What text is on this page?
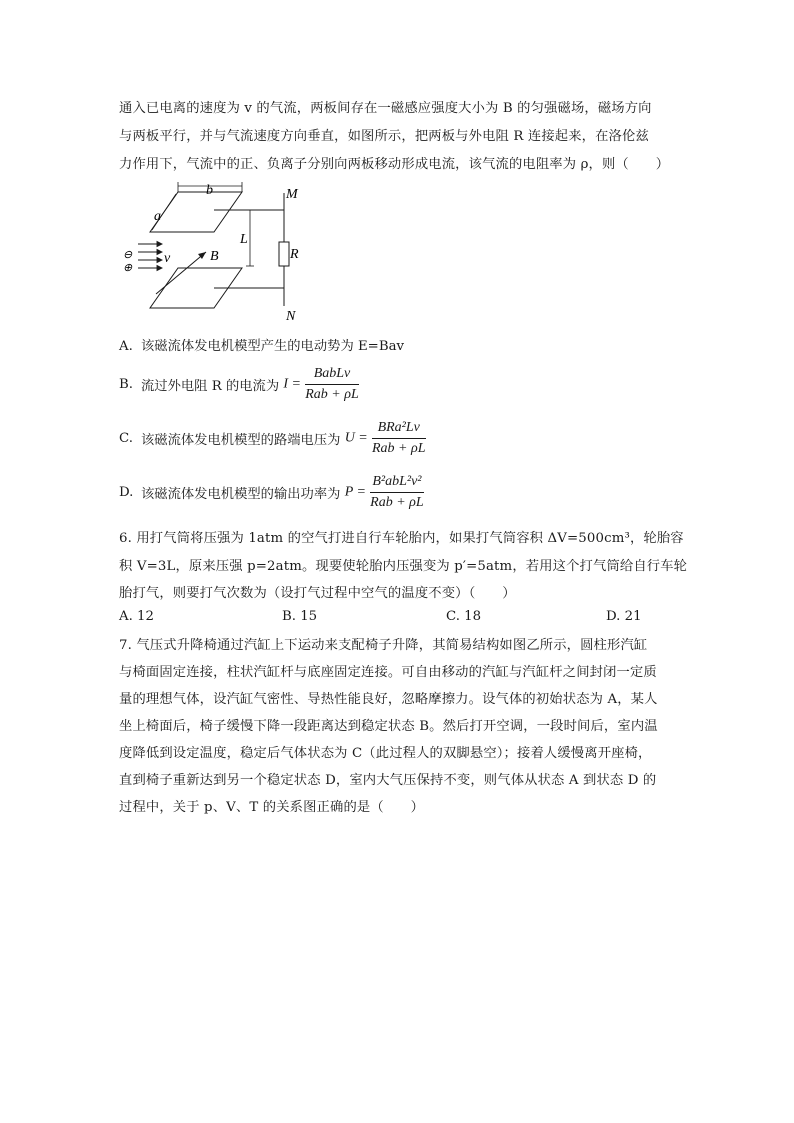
通入已电离的速度为 v 的气流，两板间存在一磁感应强度大小为 B 的匀强磁场，磁场方向
与两板平行，并与气流速度方向垂直，如图所示，把两板与外电阻 R 连接起来，在洛伦兹
力作用下，气流中的正、负离子分别向两板移动形成电流，该气流的电阻率为 ρ，则（　　）
b
a
L
R
M
N
B
v
⊖
⊕
A. 该磁流体发电机模型产生的电动势为 E=Bav
B. 流过外电阻 R 的电流为 $I = \frac{\text{BabLv}}{\text{Rab + ρL}}$
C. 该磁流体发电机模型的路端电压为 $U = \frac{\text{BRa²Lv}}{\text{Rab + ρL}}$
D. 该磁流体发电机模型的输出功率为 $P = \frac{\text{B²abL²v²}}{\text{Rab + ρL}}$
6. 用打气筒将压强为 1atm 的空气打进自行车轮胎内，如果打气筒容积 ΔV=500cm³，轮胎容
积 V=3L，原来压强 p=2atm。现要使轮胎内压强变为 p′=5atm，若用这个打气筒给自行车轮
胎打气，则要打气次数为（设打气过程中空气的温度不变）（　　）
A. 12	B. 15	C. 18	D. 21
7. 气压式升降椅通过汽缸上下运动来支配椅子升降，其简易结构如图乙所示，圆柱形汽缸
与椅面固定连接，柱状汽缸杆与底座固定连接。可自由移动的汽缸与汽缸杆之间封闭一定质
量的理想气体，设汽缸气密性、导热性能良好，忽略摩擦力。设气体的初始状态为 A，某人
坐上椅面后，椅子缓慢下降一段距离达到稳定状态 B。然后打开空调，一段时间后，室内温
度降低到设定温度，稳定后气体状态为 C（此过程人的双脚悬空）；接着人缓慢离开座椅，
直到椅子重新达到另一个稳定状态 D，室内大气压保持不变，则气体从状态 A 到状态 D 的
过程中，关于 p、V、T 的关系图正确的是（　　）
